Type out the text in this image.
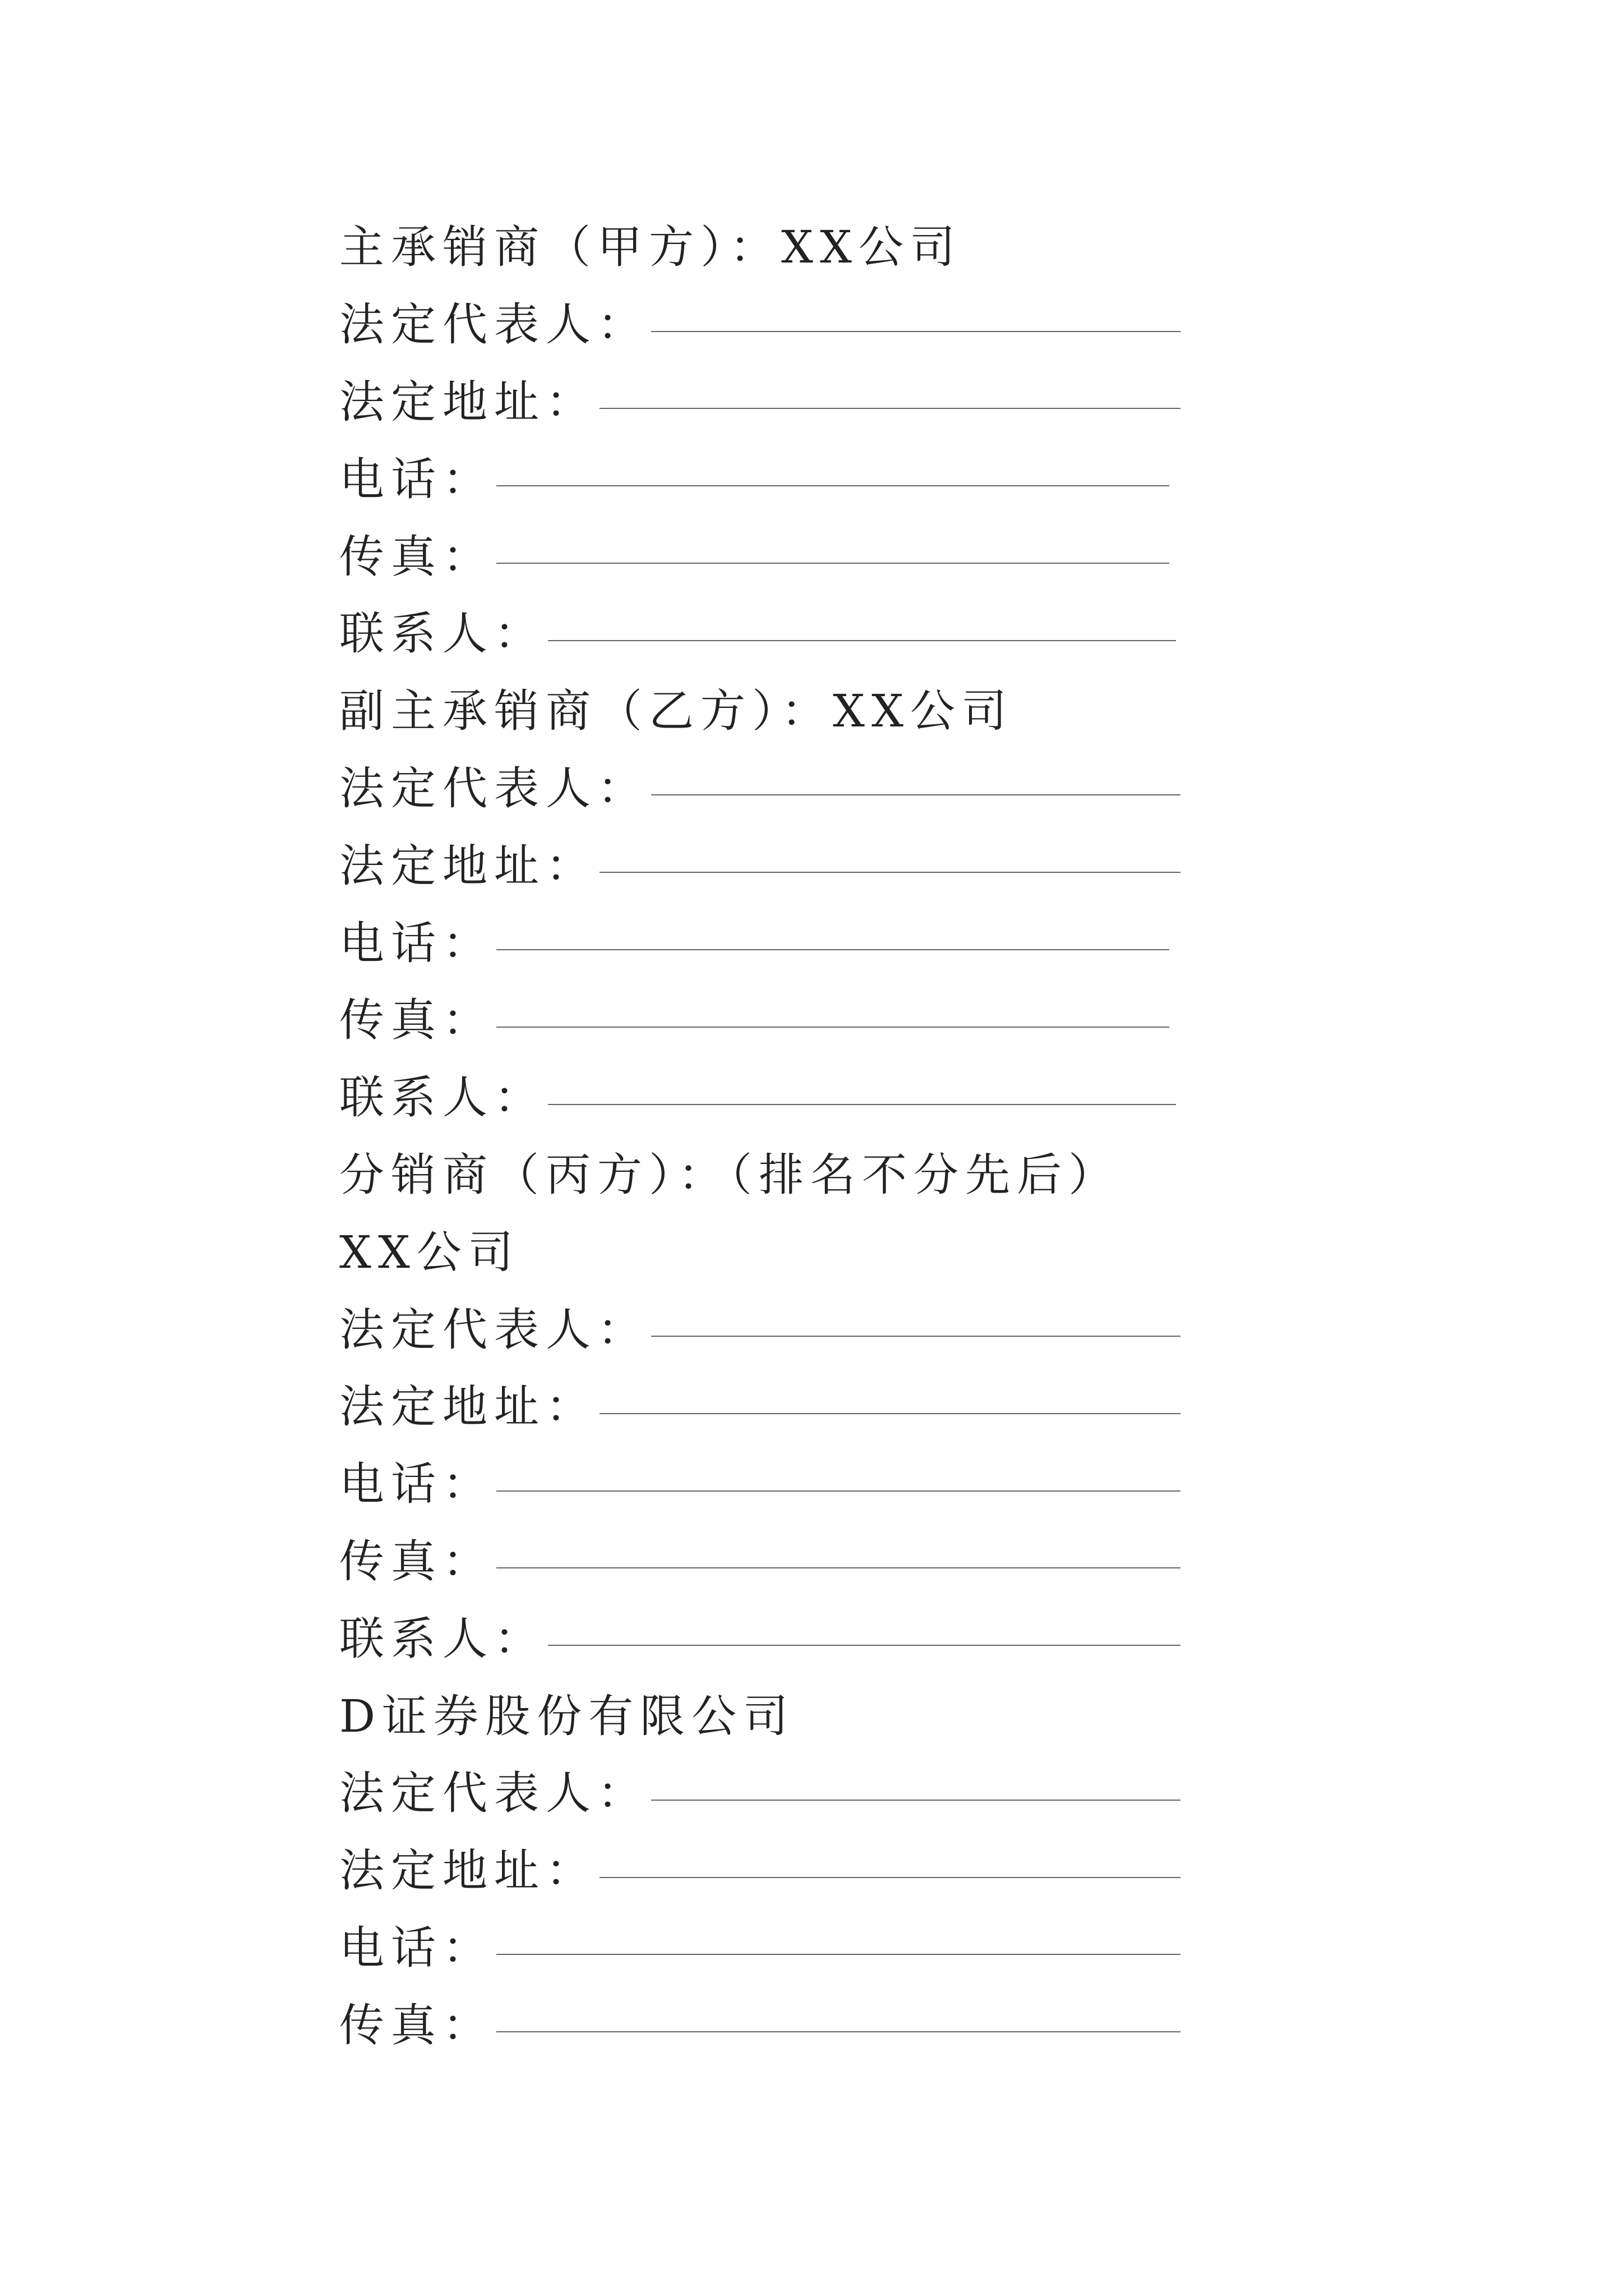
主承销商（甲方）：XX公司
法定代表人：
法定地址：
电话：
传真：
联系人：
副主承销商（乙方）：XX公司
法定代表人：
法定地址：
电话：
传真：
联系人：
分销商（丙方）：（排名不分先后）
XX公司
法定代表人：
法定地址：
电话：
传真：
联系人：
D证券股份有限公司
法定代表人：
法定地址：
电话：
传真：
